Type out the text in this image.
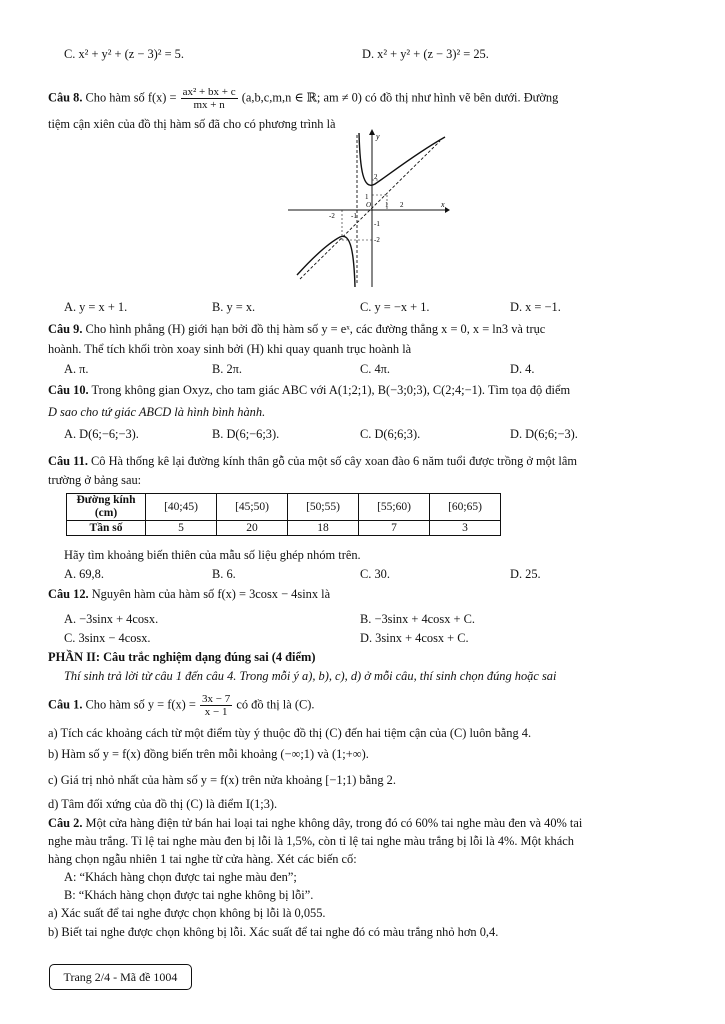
C. x² + y² + (z − 3)² = 5.	D. x² + y² + (z − 3)² = 25.
Câu 8. Cho hàm số $f(x) = \frac{\text{ax² + bx + c}}{mx + n} (a,b,c,m,n$ ∈ ℝ; am ≠ 0) có đồ thị như hình vẽ bên dưới. Đường
tiệm cận xiên của đồ thị hàm số đã cho có phương trình là
y
x
O
-2 -1
1 2
2
1
-1
-2
A. y = x + 1.	B. y = x.	C. y = −x + 1.	D. x = −1.
Câu 9. Cho hình phẳng (H) giới hạn bởi đồ thị hàm số y = eˣ, các đường thẳng x = 0, x = ln3 và trục
hoành. Thể tích khối tròn xoay sinh bởi (H) khi quay quanh trục hoành là
A. π.	B. 2π.	C. 4π.	D. 4.
Câu 10. Trong không gian Oxyz, cho tam giác ABC với A(1;2;1), B(−3;0;3), C(2;4;−1). Tìm tọa độ điểm
D sao cho tứ giác ABCD là hình bình hành.
A. D(6;−6;−3).	B. D(6;−6;3).	C. D(6;6;3).	D. D(6;6;−3).
Câu 11. Cô Hà thống kê lại đường kính thân gỗ của một số cây xoan đào 6 năm tuổi được trồng ở một lâm
trường ở bảng sau:
Đường kính
(cm)	[40;45)	[45;50)	[50;55)	[55;60)	[60;65)
Tần số	5	20	18	7	3
Hãy tìm khoảng biến thiên của mẫu số liệu ghép nhóm trên.
A. 69,8.	B. 6.	C. 30.	D. 25.
Câu 12. Nguyên hàm của hàm số f(x) = 3cosx − 4sinx là
A. −3sinx + 4cosx.	B. −3sinx + 4cosx + C.
C. 3sinx − 4cosx.	D. 3sinx + 4cosx + C.
PHẦN II: Câu trắc nghiệm dạng đúng sai (4 điểm)
Thí sinh trả lời từ câu 1 đến câu 4. Trong mỗi ý a), b), c), d) ở mỗi câu, thí sinh chọn đúng hoặc sai
Câu 1. Cho hàm số $y = f(x) = \frac{3x - 7}{x - 1}$ có đồ thị là (C).
a) Tích các khoảng cách từ một điểm tùy ý thuộc đồ thị (C) đến hai tiệm cận của (C) luôn bằng 4.
b) Hàm số y = f(x) đồng biến trên mỗi khoảng (−∞;1) và (1;+∞).
c) Giá trị nhỏ nhất của hàm số y = f(x) trên nửa khoảng [−1;1) bằng 2.
d) Tâm đối xứng của đồ thị (C) là điểm I(1;3).
Câu 2. Một cửa hàng điện tử bán hai loại tai nghe không dây, trong đó có 60% tai nghe màu đen và 40% tai
nghe màu trắng. Tỉ lệ tai nghe màu đen bị lỗi là 1,5%, còn tỉ lệ tai nghe màu trắng bị lỗi là 4%. Một khách
hàng chọn ngẫu nhiên 1 tai nghe từ cửa hàng. Xét các biến cố:
A: “Khách hàng chọn được tai nghe màu đen”;
B: “Khách hàng chọn được tai nghe không bị lỗi”.
a) Xác suất để tai nghe được chọn không bị lỗi là 0,055.
b) Biết tai nghe được chọn không bị lỗi. Xác suất để tai nghe đó có màu trắng nhỏ hơn 0,4.
Trang 2/4 - Mã đề 1004
